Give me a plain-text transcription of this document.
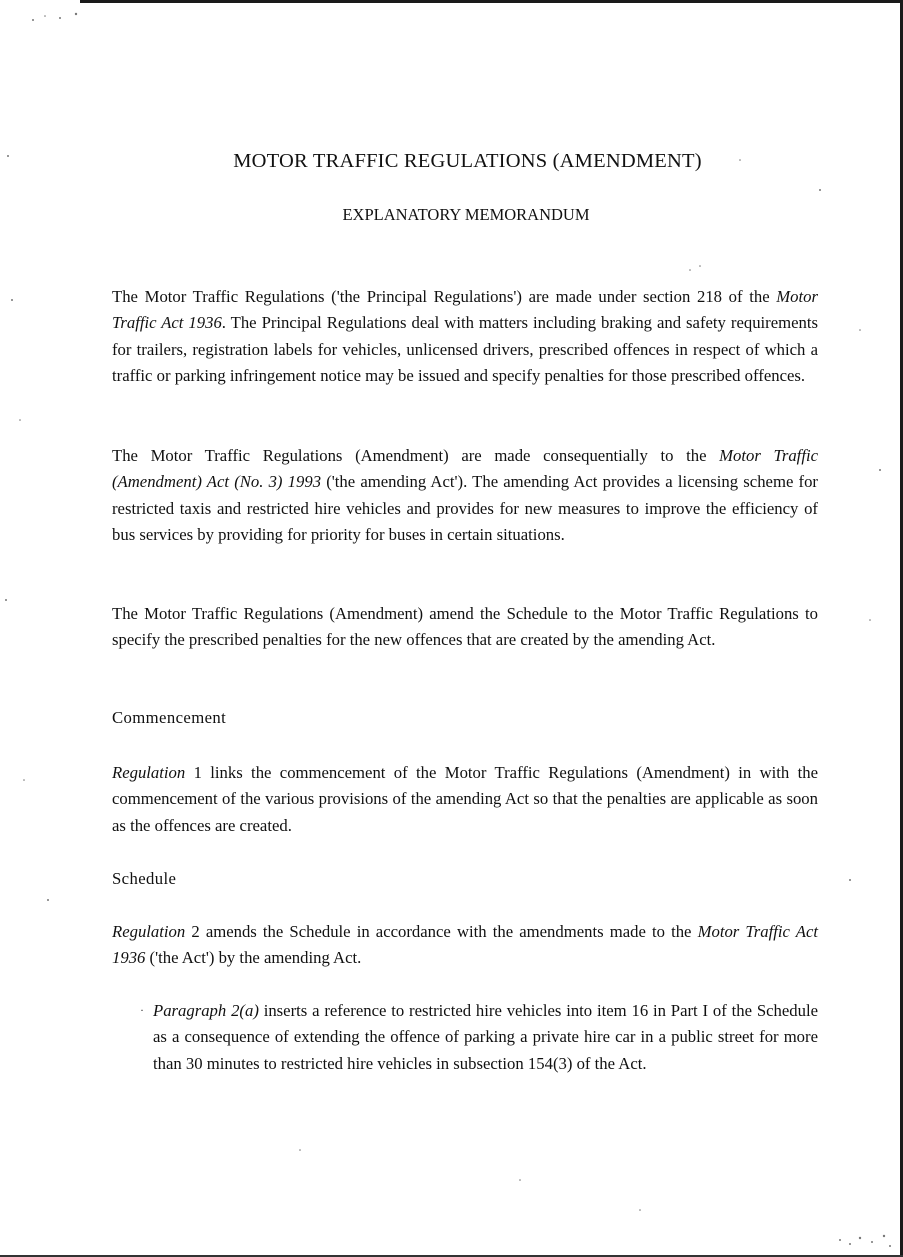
MOTOR TRAFFIC REGULATIONS (AMENDMENT)
EXPLANATORY MEMORANDUM
The Motor Traffic Regulations ('the Principal Regulations') are made under section 218 of the Motor Traffic Act 1936. The Principal Regulations deal with matters including braking and safety requirements for trailers, registration labels for vehicles, unlicensed drivers, prescribed offences in respect of which a traffic or parking infringement notice may be issued and specify penalties for those prescribed offences.
The Motor Traffic Regulations (Amendment) are made consequentially to the Motor Traffic (Amendment) Act (No. 3) 1993 ('the amending Act'). The amending Act provides a licensing scheme for restricted taxis and restricted hire vehicles and provides for new measures to improve the efficiency of bus services by providing for priority for buses in certain situations.
The Motor Traffic Regulations (Amendment) amend the Schedule to the Motor Traffic Regulations to specify the prescribed penalties for the new offences that are created by the amending Act.
Commencement
Regulation 1 links the commencement of the Motor Traffic Regulations (Amendment) in with the commencement of the various provisions of the amending Act so that the penalties are applicable as soon as the offences are created.
Schedule
Regulation 2 amends the Schedule in accordance with the amendments made to the Motor Traffic Act 1936 ('the Act') by the amending Act.
· Paragraph 2(a) inserts a reference to restricted hire vehicles into item 16 in Part I of the Schedule as a consequence of extending the offence of parking a private hire car in a public street for more than 30 minutes to restricted hire vehicles in subsection 154(3) of the Act.
